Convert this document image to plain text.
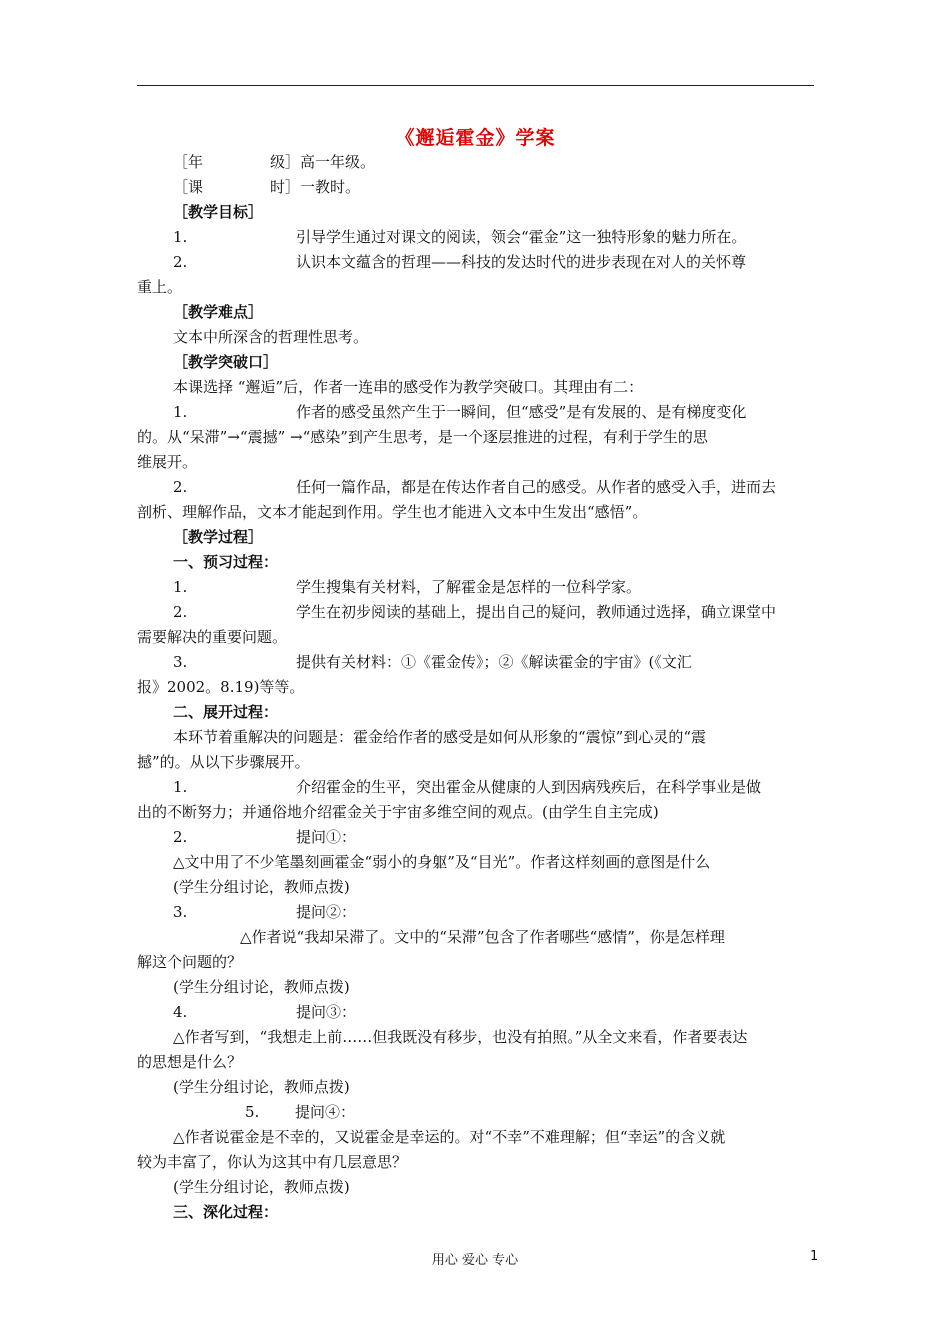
《邂逅霍金》学案
［年	级］高一年级。
［课	时］一教时。
［教学目标］
1.	引导学生通过对课文的阅读，领会“霍金”这一独特形象的魅力所在。
2.	认识本文蕴含的哲理——科技的发达时代的进步表现在对人的关怀尊
重上。
［教学难点］
文本中所深含的哲理性思考。
［教学突破口］
本课选择 “邂逅”后，作者一连串的感受作为教学突破口。其理由有二：
1.	作者的感受虽然产生于一瞬间，但“感受”是有发展的、是有梯度变化
的。从“呆滞”→“震撼” →“感染”到产生思考，是一个逐层推进的过程，有利于学生的思
维展开。
2.	任何一篇作品，都是在传达作者自己的感受。从作者的感受入手，进而去
剖析、理解作品，文本才能起到作用。学生也才能进入文本中生发出“感悟”。
［教学过程］
一、预习过程：
1.	学生搜集有关材料，了解霍金是怎样的一位科学家。
2.	学生在初步阅读的基础上，提出自己的疑问，教师通过选择，确立课堂中
需要解决的重要问题。
3.	提供有关材料：①《霍金传》；②《解读霍金的宇宙》(《文汇
报》2002。8.19)等等。
二、展开过程：
本环节着重解决的问题是：霍金给作者的感受是如何从形象的“震惊”到心灵的“震
撼”的。从以下步骤展开。
1.	介绍霍金的生平，突出霍金从健康的人到因病残疾后，在科学事业是做
出的不断努力；并通俗地介绍霍金关于宇宙多维空间的观点。(由学生自主完成)
2.	提问①：
△文中用了不少笔墨刻画霍金“弱小的身躯”及“目光”。作者这样刻画的意图是什么
(学生分组讨论，教师点拨)
3.	提问②：
△作者说“我却呆滞了。文中的“呆滞”包含了作者哪些“感情”，你是怎样理
解这个问题的？
(学生分组讨论，教师点拨)
4.	提问③：
△作者写到，“我想走上前……但我既没有移步，也没有拍照。”从全文来看，作者要表达
的思想是什么？
(学生分组讨论，教师点拨)
5. 提问④：
△作者说霍金是不幸的，又说霍金是幸运的。对“不幸”不难理解；但“幸运”的含义就
较为丰富了，你认为这其中有几层意思？
(学生分组讨论，教师点拨)
三、深化过程：
用心 爱心 专心	1
